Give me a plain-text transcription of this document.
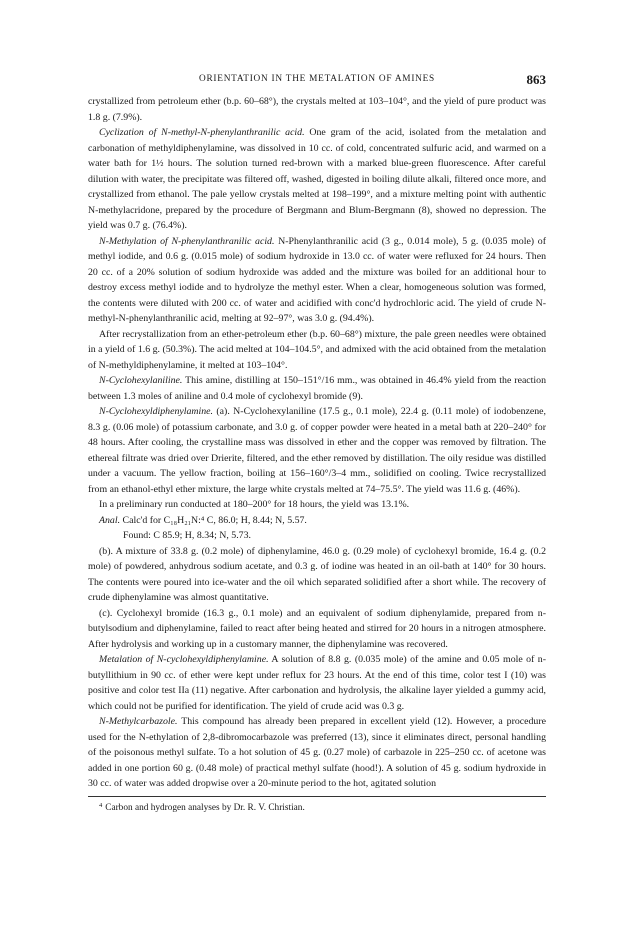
ORIENTATION IN THE METALATION OF AMINES	863

crystallized from petroleum ether (b.p. 60–68°), the crystals melted at 103–104°, and the yield of pure product was 1.8 g. (7.9%).

Cyclization of N-methyl-N-phenylanthranilic acid. One gram of the acid, isolated from the metalation and carbonation of methyldiphenylamine, was dissolved in 10 cc. of cold, concentrated sulfuric acid, and warmed on a water bath for 1½ hours. The solution turned red-brown with a marked blue-green fluorescence. After careful dilution with water, the precipitate was filtered off, washed, digested in boiling dilute alkali, filtered once more, and crystallized from ethanol. The pale yellow crystals melted at 198–199°, and a mixture melting point with authentic N-methylacridone, prepared by the procedure of Bergmann and Blum-Bergmann (8), showed no depression. The yield was 0.7 g. (76.4%).

N-Methylation of N-phenylanthranilic acid. N-Phenylanthranilic acid (3 g., 0.014 mole), 5 g. (0.035 mole) of methyl iodide, and 0.6 g. (0.015 mole) of sodium hydroxide in 13.0 cc. of water were refluxed for 24 hours. Then 20 cc. of a 20% solution of sodium hydroxide was added and the mixture was boiled for an additional hour to destroy excess methyl iodide and to hydrolyze the methyl ester. When a clear, homogeneous solution was formed, the contents were diluted with 200 cc. of water and acidified with conc'd hydrochloric acid. The yield of crude N-methyl-N-phenylanthranilic acid, melting at 92–97°, was 3.0 g. (94.4%).

After recrystallization from an ether-petroleum ether (b.p. 60–68°) mixture, the pale green needles were obtained in a yield of 1.6 g. (50.3%). The acid melted at 104–104.5°, and admixed with the acid obtained from the metalation of N-methyldiphenylamine, it melted at 103–104°.

N-Cyclohexylaniline. This amine, distilling at 150–151°/16 mm., was obtained in 46.4% yield from the reaction between 1.3 moles of aniline and 0.4 mole of cyclohexyl bromide (9).

N-Cyclohexyldiphenylamine. (a). N-Cyclohexylaniline (17.5 g., 0.1 mole), 22.4 g. (0.11 mole) of iodobenzene, 8.3 g. (0.06 mole) of potassium carbonate, and 3.0 g. of copper powder were heated in a metal bath at 220–240° for 48 hours. After cooling, the crystalline mass was dissolved in ether and the copper was removed by filtration. The ethereal filtrate was dried over Drierite, filtered, and the ether removed by distillation. The oily residue was distilled under a vacuum. The yellow fraction, boiling at 156–160°/3–4 mm., solidified on cooling. Twice recrystallized from an ethanol-ethyl ether mixture, the large white crystals melted at 74–75.5°. The yield was 11.6 g. (46%).

In a preliminary run conducted at 180–200° for 18 hours, the yield was 13.1%.

Anal. Calc'd for C₁₈H₂₁N:⁴ C, 86.0; H, 8.44; N, 5.57.

Found: C 85.9; H, 8.34; N, 5.73.

(b). A mixture of 33.8 g. (0.2 mole) of diphenylamine, 46.0 g. (0.29 mole) of cyclohexyl bromide, 16.4 g. (0.2 mole) of powdered, anhydrous sodium acetate, and 0.3 g. of iodine was heated in an oil-bath at 140° for 30 hours. The contents were poured into ice-water and the oil which separated solidified after a short while. The recovery of crude diphenylamine was almost quantitative.

(c). Cyclohexyl bromide (16.3 g., 0.1 mole) and an equivalent of sodium diphenylamide, prepared from n-butylsodium and diphenylamine, failed to react after being heated and stirred for 20 hours in a nitrogen atmosphere. After hydrolysis and working up in a customary manner, the diphenylamine was recovered.

Metalation of N-cyclohexyldiphenylamine. A solution of 8.8 g. (0.035 mole) of the amine and 0.05 mole of n-butyllithium in 90 cc. of ether were kept under reflux for 23 hours. At the end of this time, color test I (10) was positive and color test IIa (11) negative. After carbonation and hydrolysis, the alkaline layer yielded a gummy acid, which could not be purified for identification. The yield of crude acid was 0.3 g.

N-Methylcarbazole. This compound has already been prepared in excellent yield (12). However, a procedure used for the N-ethylation of 2,8-dibromocarbazole was preferred (13), since it eliminates direct, personal handling of the poisonous methyl sulfate. To a hot solution of 45 g. (0.27 mole) of carbazole in 225–250 cc. of acetone was added in one portion 60 g. (0.48 mole) of practical methyl sulfate (hood!). A solution of 45 g. sodium hydroxide in 30 cc. of water was added dropwise over a 20-minute period to the hot, agitated solution

$^4$ Carbon and hydrogen analyses by Dr. R. V. Christian.
